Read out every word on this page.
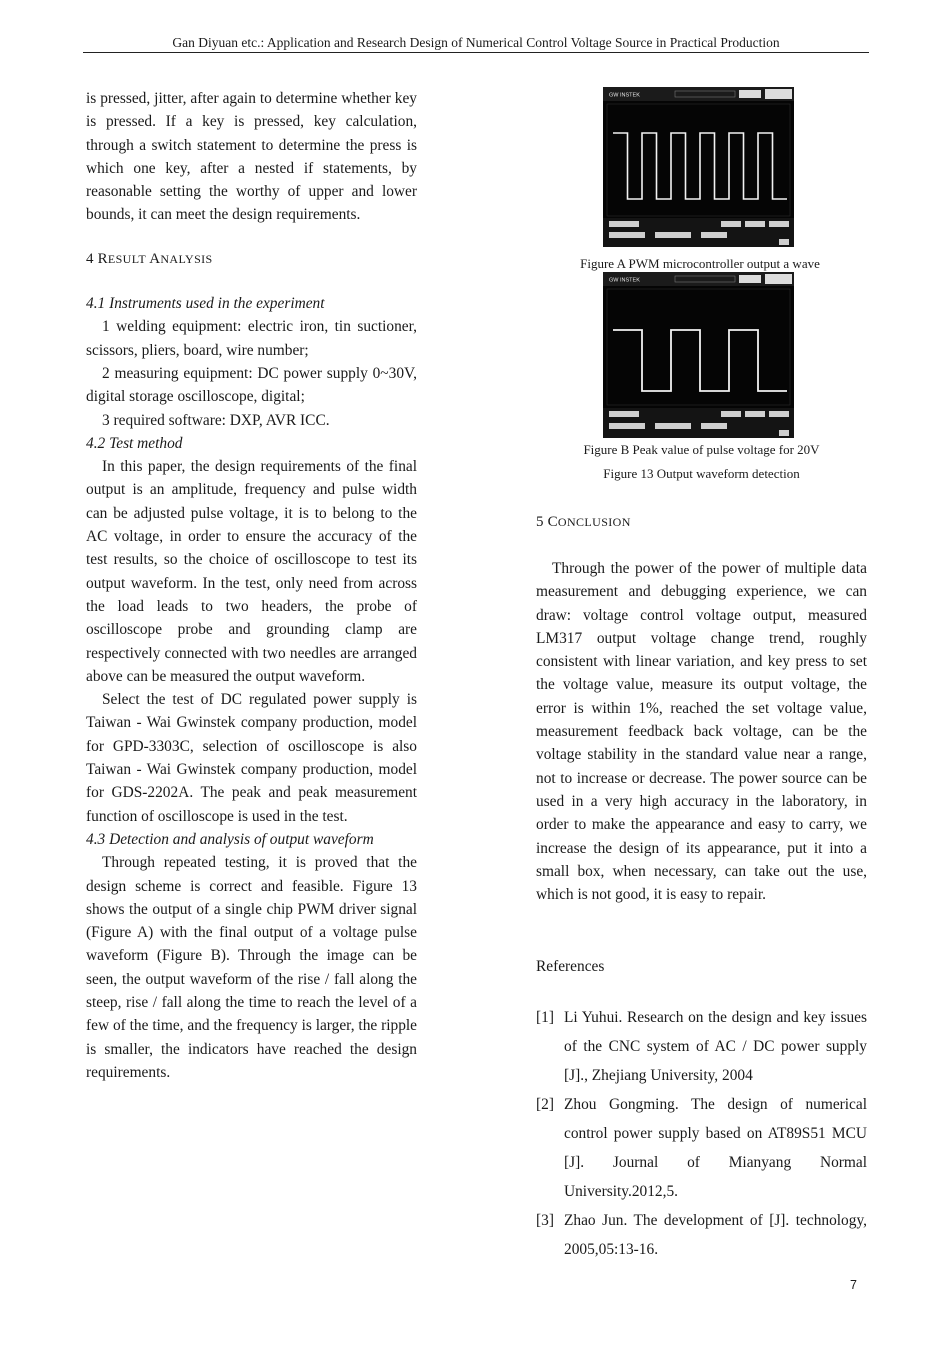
Gan Diyuan etc.: Application and Research Design of Numerical Control Voltage Source in Practical Production

is pressed, jitter, after again to determine whether key is pressed. If a key is pressed, key calculation, through a switch statement to determine the press is which one key, after a nested if statements, by reasonable setting the worthy of upper and lower bounds, it can meet the design requirements.

4 RESULT ANALYSIS

4.1 Instruments used in the experiment

1 welding equipment: electric iron, tin suctioner, scissors, pliers, board, wire number;

2 measuring equipment: DC power supply 0~30V, digital storage oscilloscope, digital;

3 required software: DXP, AVR ICC.

4.2 Test method

In this paper, the design requirements of the final output is an amplitude, frequency and pulse width can be adjusted pulse voltage, it is to belong to the AC voltage, in order to ensure the accuracy of the test results, so the choice of oscilloscope to test its output waveform. In the test, only need from across the load leads to two headers, the probe of oscilloscope probe and grounding clamp are respectively connected with two needles are arranged above can be measured the output waveform.

Select the test of DC regulated power supply is Taiwan - Wai Gwinstek company production, model for GPD-3303C, selection of oscilloscope is also Taiwan - Wai Gwinstek company production, model for GDS-2202A. The peak and peak measurement function of oscilloscope is used in the test.

4.3 Detection and analysis of output waveform

Through repeated testing, it is proved that the design scheme is correct and feasible. Figure 13 shows the output of a single chip PWM driver signal (Figure A) with the final output of a voltage pulse waveform (Figure B). Through the image can be seen, the output waveform of the rise / fall along the steep, rise / fall along the time to reach the level of a few of the time, and the frequency is larger, the ripple is smaller, the indicators have reached the design requirements.

GW INSTEK
Figure A PWM microcontroller output a wave
GW INSTEK
Figure B Peak value of pulse voltage for 20V
Figure 13 Output waveform detection

5 CONCLUSION

Through the power of the power of multiple data measurement and debugging experience, we can draw: voltage control voltage output, measured LM317 output voltage change trend, roughly consistent with linear variation, and key press to set the voltage value, measure its output voltage, the error is within 1%, reached the set voltage value, measurement feedback back voltage, can be the voltage stability in the standard value near a range, not to increase or decrease. The power source can be used in a very high accuracy in the laboratory, in order to make the appearance and easy to carry, we increase the design of its appearance, put it into a small box, when necessary, can take out the use, which is not good, it is easy to repair.

References

[1] Li Yuhui. Research on the design and key issues of the CNC system of AC / DC power supply [J]., Zhejiang University, 2004
[2] Zhou Gongming. The design of numerical control power supply based on AT89S51 MCU [J]. Journal of Mianyang Normal University.2012,5.
[3] Zhao Jun. The development of [J]. technology, 2005,05:13-16.
7
